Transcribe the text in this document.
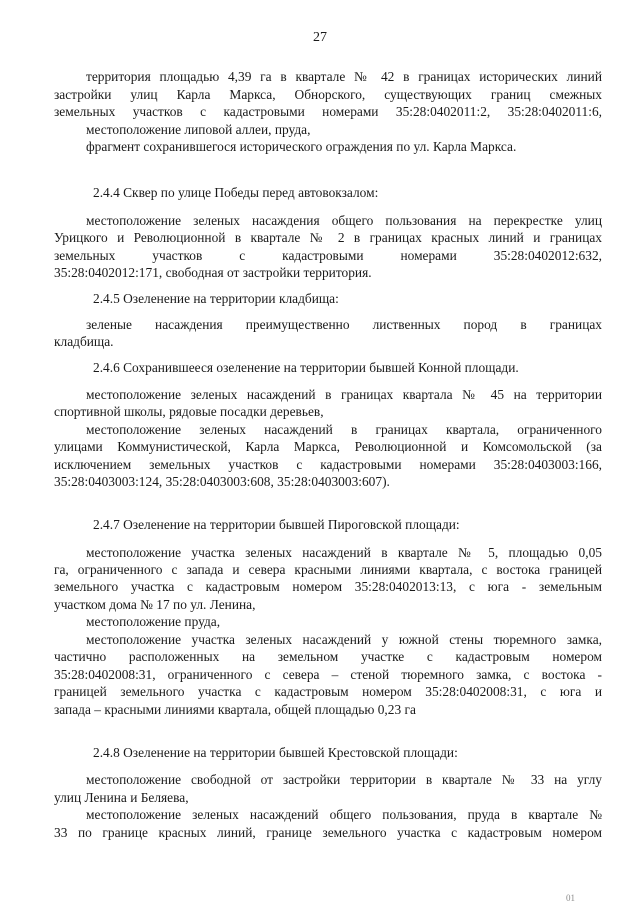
27
территория площадью 4,39 га в квартале № 42 в границах исторических линий
застройки улиц Карла Маркса, Обнорского, существующих границ смежных
земельных участков с кадастровыми номерами 35:28:0402011:2, 35:28:0402011:6,
местоположение липовой аллеи, пруда,
фрагмент сохранившегося исторического ограждения по ул. Карла Маркса.
2.4.4 Сквер по улице Победы перед автовокзалом:
местоположение зеленых насаждения общего пользования на перекрестке улиц
Урицкого и Революционной в квартале № 2 в границах красных линий и границах
земельных участков с кадастровыми номерами 35:28:0402012:632,
35:28:0402012:171, свободная от застройки территория.
2.4.5 Озеленение на территории кладбища:
зеленые насаждения преимущественно лиственных пород в границах
кладбища.
2.4.6 Сохранившееся озеленение на территории бывшей Конной площади.
местоположение зеленых насаждений в границах квартала № 45 на территории
спортивной школы, рядовые посадки деревьев,
местоположение зеленых насаждений в границах квартала, ограниченного
улицами Коммунистической, Карла Маркса, Революционной и Комсомольской (за
исключением земельных участков с кадастровыми номерами 35:28:0403003:166,
35:28:0403003:124, 35:28:0403003:608, 35:28:0403003:607).
2.4.7 Озеленение на территории бывшей Пироговской площади:
местоположение участка зеленых насаждений в квартале № 5, площадью 0,05
га, ограниченного с запада и севера красными линиями квартала, с востока границей
земельного участка с кадастровым номером 35:28:0402013:13, с юга - земельным
участком дома № 17 по ул. Ленина,
местоположение пруда,
местоположение участка зеленых насаждений у южной стены тюремного замка,
частично расположенных на земельном участке с кадастровым номером
35:28:0402008:31, ограниченного с севера – стеной тюремного замка, с востока -
границей земельного участка с кадастровым номером 35:28:0402008:31, с юга и
запада – красными линиями квартала, общей площадью 0,23 га
2.4.8 Озеленение на территории бывшей Крестовской площади:
местоположение свободной от застройки территории в квартале № 33 на углу
улиц Ленина и Беляева,
местоположение зеленых насаждений общего пользования, пруда в квартале №
33 по границе красных линий, границе земельного участка с кадастровым номером
01
